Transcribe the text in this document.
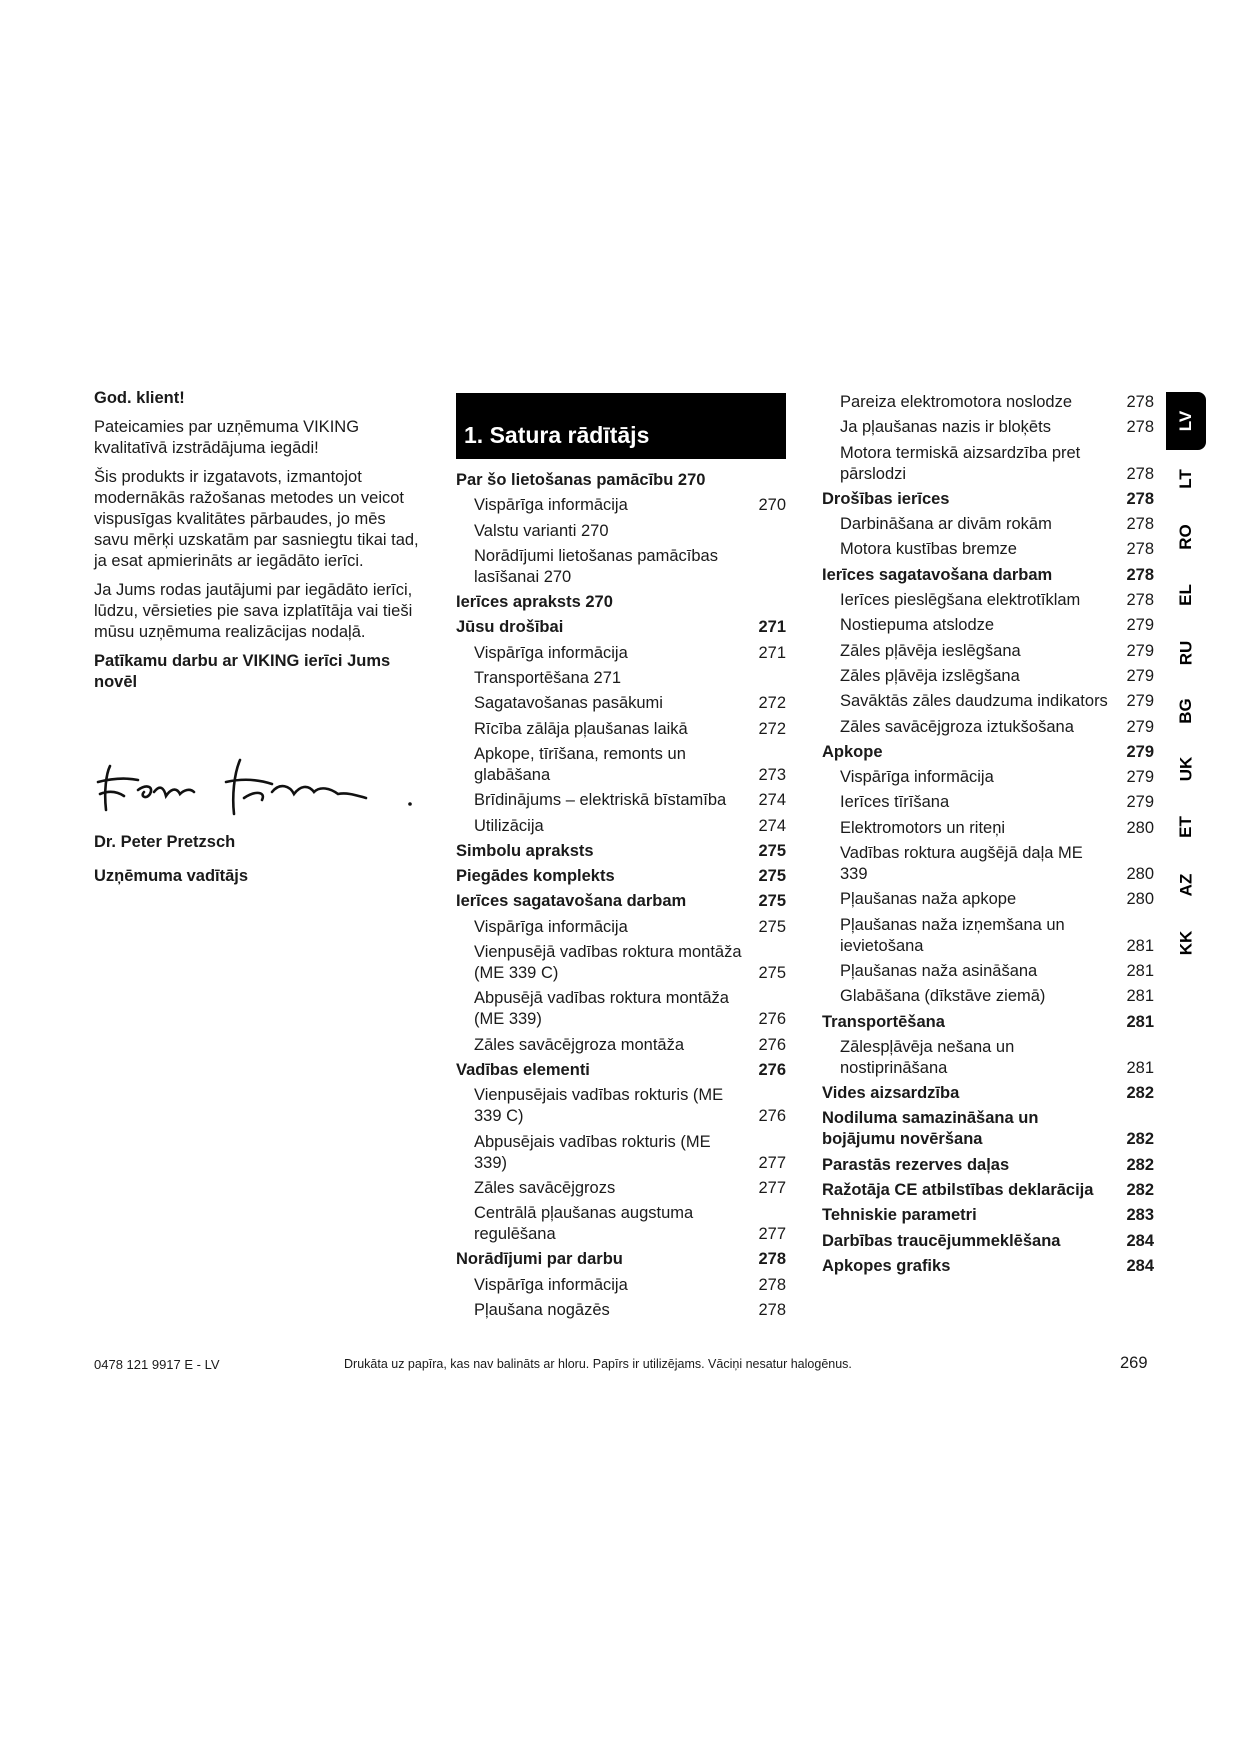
God. klient!

Pateicamies par uzņēmuma VIKING kvalitatīvā izstrādājuma iegādi!

Šis produkts ir izgatavots, izmantojot modernākās ražošanas metodes un veicot vispusīgas kvalitātes pārbaudes, jo mēs savu mērķi uzskatām par sasniegtu tikai tad, ja esat apmierināts ar iegādāto ierīci.

Ja Jums rodas jautājumi par iegādāto ierīci, lūdzu, vērsieties pie sava izplatītāja vai tieši mūsu uzņēmuma realizācijas nodaļā.

Patīkamu darbu ar VIKING ierīci Jums novēl

Dr. Peter Pretzsch
Uzņēmuma vadītājs
1. Satura rādītājs
Par šo lietošanas pamācību 270
Vispārīga informācija	270
Valstu varianti 270
Norādījumi lietošanas pamācības lasīšanai 270
Ierīces apraksts 270
Jūsu drošībai	271
Vispārīga informācija	271
Transportēšana 271
Sagatavošanas pasākumi	272
Rīcība zālāja pļaušanas laikā	272
Apkope, tīrīšana, remonts un glabāšana	273
Brīdinājums – elektriskā bīstamība	274
Utilizācija	274
Simbolu apraksts	275
Piegādes komplekts	275
Ierīces sagatavošana darbam	275
Vispārīga informācija	275
Vienpusējā vadības roktura montāža (ME 339 C)	275
Abpusējā vadības roktura montāža (ME 339)	276
Zāles savācējgroza montāža	276
Vadības elementi	276
Vienpusējais vadības rokturis (ME 339 C)	276
Abpusējais vadības rokturis (ME 339)	277
Zāles savācējgrozs	277
Centrālā pļaušanas augstuma regulēšana	277
Norādījumi par darbu	278
Vispārīga informācija	278
Pļaušana nogāzēs	278
Pareiza elektromotora noslodze	278
Ja pļaušanas nazis ir bloķēts	278
Motora termiskā aizsardzība pret pārslodzi	278
Drošības ierīces	278
Darbināšana ar divām rokām	278
Motora kustības bremze	278
Ierīces sagatavošana darbam	278
Ierīces pieslēgšana elektrotīklam	278
Nostiepuma atslodze	279
Zāles pļāvēja ieslēgšana	279
Zāles pļāvēja izslēgšana	279
Savāktās zāles daudzuma indikators	279
Zāles savācējgroza iztukšošana	279
Apkope	279
Vispārīga informācija	279
Ierīces tīrīšana	279
Elektromotors un riteņi	280
Vadības roktura augšējā daļa ME 339	280
Pļaušanas naža apkope	280
Pļaušanas naža izņemšana un ievietošana	281
Pļaušanas naža asināšana	281
Glabāšana (dīkstāve ziemā)	281
Transportēšana	281
Zālespļāvēja nešana un nostiprināšana	281
Vides aizsardzība	282
Nodiluma samazināšana un bojājumu novēršana	282
Parastās rezerves daļas	282
Ražotāja CE atbilstības deklarācija	282
Tehniskie parametri	283
Darbības traucējummeklēšana	284
Apkopes grafiks	284
LV
LT
RO
EL
RU
BG
UK
ET
AZ
KK
0478 121 9917 E - LV	Drukāta uz papīra, kas nav balināts ar hloru. Papīrs ir utilizējams. Vāciņi nesatur halogēnus.	269
